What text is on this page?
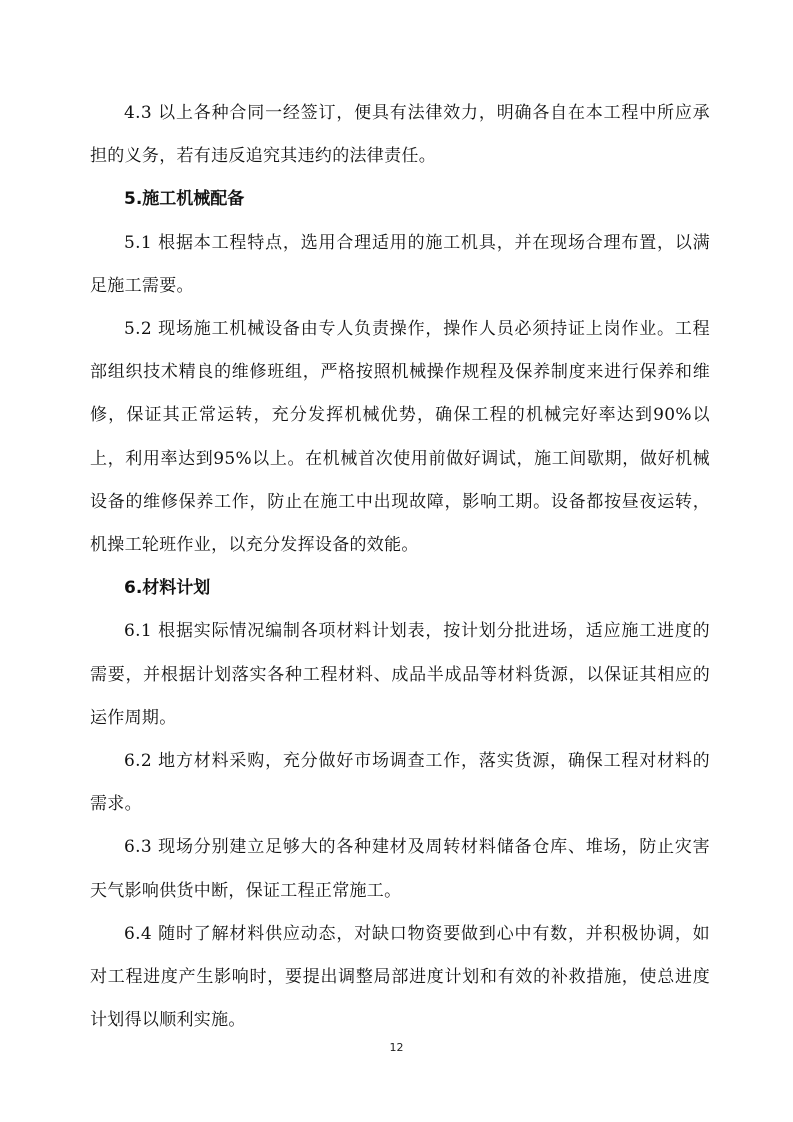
4.3 以上各种合同一经签订，便具有法律效力，明确各自在本工程中所应承担的义务，若有违反追究其违约的法律责任。

5.施工机械配备

5.1 根据本工程特点，选用合理适用的施工机具，并在现场合理布置，以满足施工需要。

5.2 现场施工机械设备由专人负责操作，操作人员必须持证上岗作业。工程部组织技术精良的维修班组，严格按照机械操作规程及保养制度来进行保养和维修，保证其正常运转，充分发挥机械优势，确保工程的机械完好率达到90%以上，利用率达到95%以上。在机械首次使用前做好调试，施工间歇期，做好机械设备的维修保养工作，防止在施工中出现故障，影响工期。设备都按昼夜运转，机操工轮班作业，以充分发挥设备的效能。

6.材料计划

6.1 根据实际情况编制各项材料计划表，按计划分批进场，适应施工进度的需要，并根据计划落实各种工程材料、成品半成品等材料货源，以保证其相应的运作周期。

6.2 地方材料采购，充分做好市场调查工作，落实货源，确保工程对材料的需求。

6.3 现场分别建立足够大的各种建材及周转材料储备仓库、堆场，防止灾害天气影响供货中断，保证工程正常施工。

6.4 随时了解材料供应动态，对缺口物资要做到心中有数，并积极协调，如对工程进度产生影响时，要提出调整局部进度计划和有效的补救措施，使总进度计划得以顺利实施。

12
